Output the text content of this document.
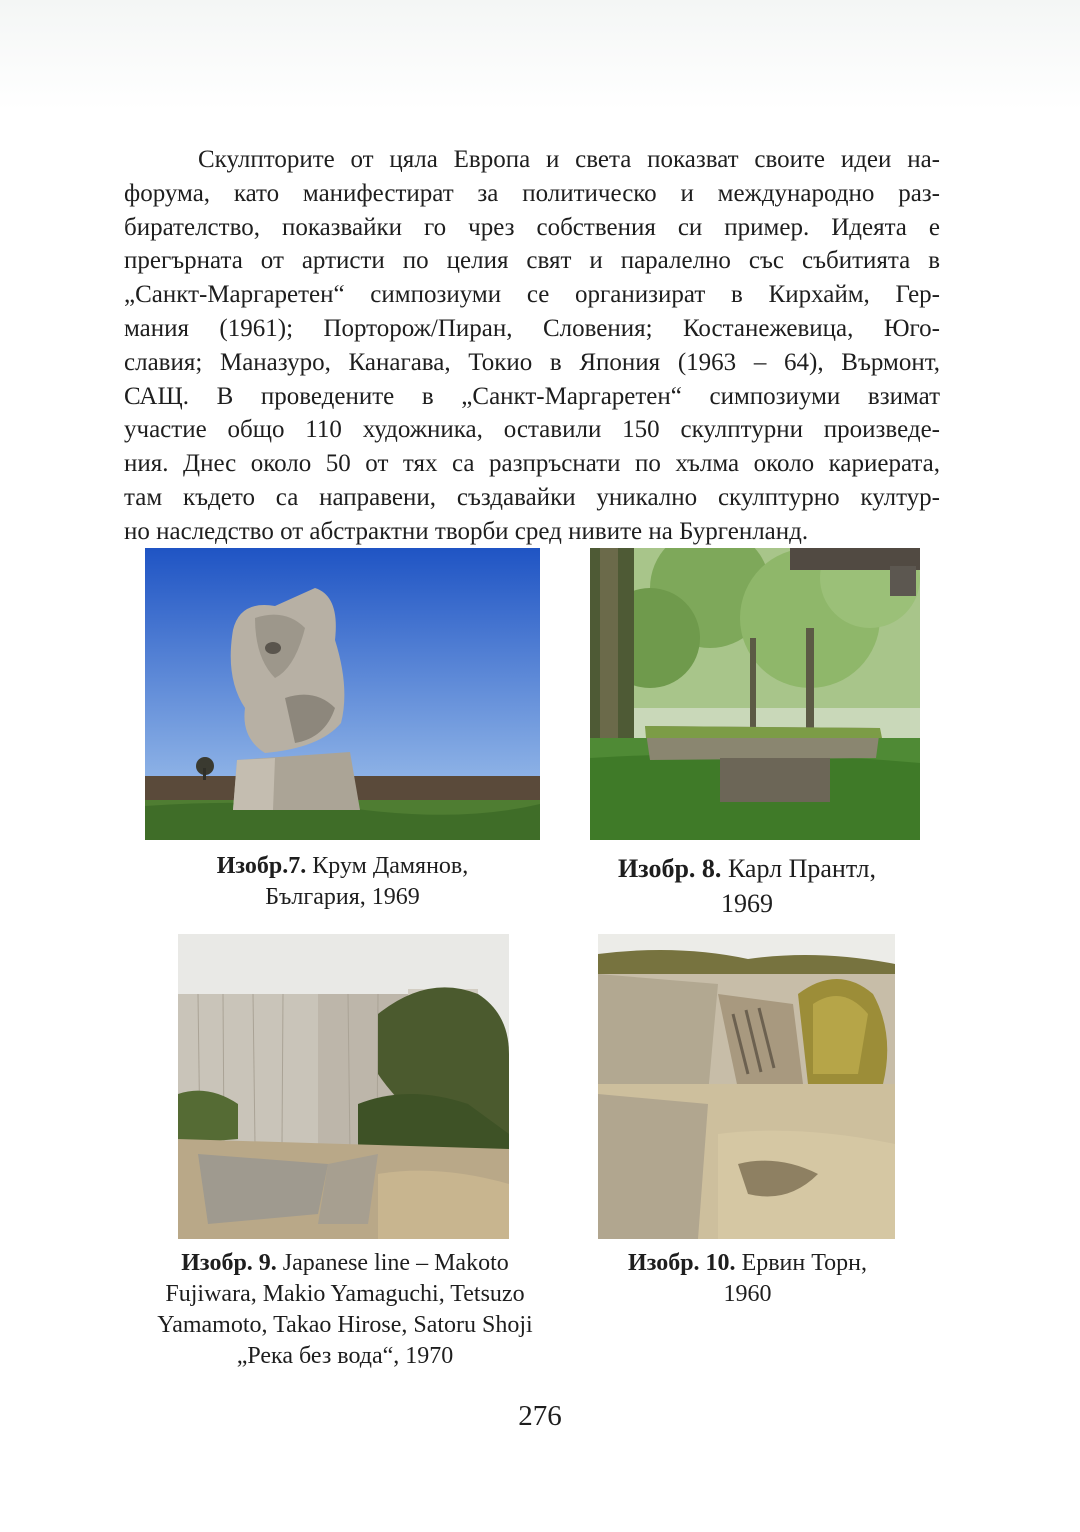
Скулпторите от цяла Европа и света показват своите идеи на-
форума, като манифестират за политическо и международно раз-
бирателство, показвайки го чрез собствения си пример. Идеята е
прегърната от артисти по целия свят и паралелно със събитията в
„Санкт-Маргаретен“ симпозиуми се организират в Кирхайм, Гер-
мания (1961); Порторож/Пиран, Словения; Костанежевица, Юго-
славия; Маназуро, Канагава, Токио в Япония (1963 – 64), Върмонт,
САЩ. В проведените в „Санкт-Маргаретен“ симпозиуми взимат
участие общо 110 художника, оставили 150 скулптурни произведе-
ния. Днес около 50 от тях са разпръснати по хълма около кариерата,
там където са направени, създавайки уникално скулптурно култур-
но наследство от абстрактни творби сред нивите на Бургенланд.
Изобр.7. Крум Дамянов,
България, 1969
Изобр. 8. Карл Прантл,
1969
Изобр. 9. Japanese line – Makoto
Fujiwara, Makio Yamaguchi, Tetsuzo
Yamamoto, Takao Hirose, Satoru Shoji
„Река без вода“, 1970
Изобр. 10. Ервин Торн,
1960
276
